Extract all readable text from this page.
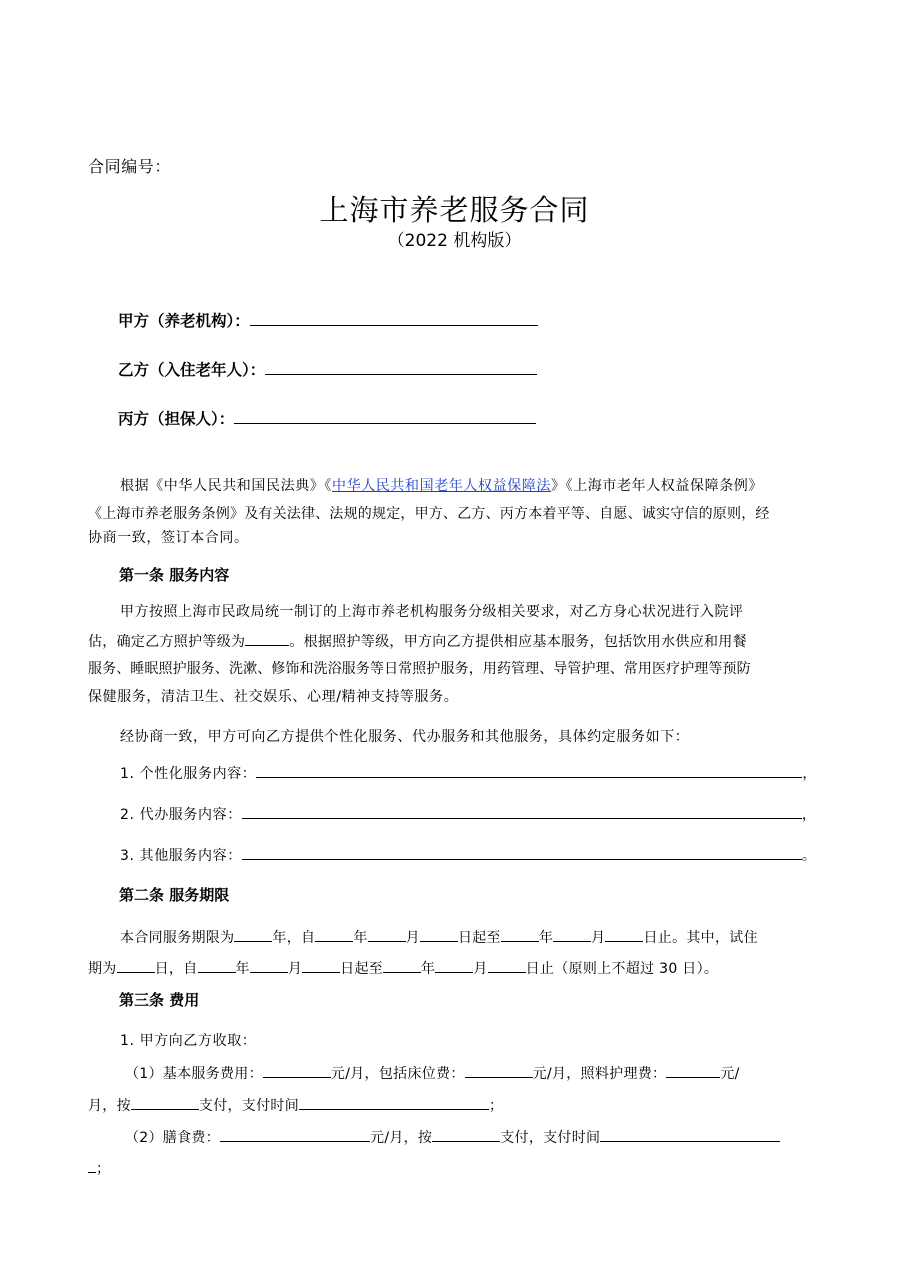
合同编号：
上海市养老服务合同
（2022 机构版）
甲方（养老机构）：
乙方（入住老年人）：
丙方（担保人）：
根据《中华人民共和国民法典》《中华人民共和国老年人权益保障法》《上海市老年人权益保障条例》
《上海市养老服务条例》及有关法律、法规的规定，甲方、乙方、丙方本着平等、自愿、诚实守信的原则，经
协商一致，签订本合同。
第一条 服务内容
甲方按照上海市民政局统一制订的上海市养老机构服务分级相关要求，对乙方身心状况进行入院评
估，确定乙方照护等级为	。根据照护等级，甲方向乙方提供相应基本服务，包括饮用水供应和用餐
服务、睡眠照护服务、洗漱、修饰和洗浴服务等日常照护服务，用药管理、导管护理、常用医疗护理等预防
保健服务，清洁卫生、社交娱乐、心理/精神支持等服务。
经协商一致，甲方可向乙方提供个性化服务、代办服务和其他服务，具体约定服务如下：
1. 个性化服务内容：	，
2. 代办服务内容：	，
3. 其他服务内容：	。
第二条 服务期限
本合同服务期限为	年，自	年	月	日起至	年	月	日止。其中，试住
期为	日，自	年	月	日起至	年	月	日止（原则上不超过 30 日）。
第三条 费用
1. 甲方向乙方收取：
（1）基本服务费用：	元/月，包括床位费：	元/月，照料护理费：	元/
月，按	支付，支付时间	；
（2）膳食费：	元/月，按	支付，支付时间
；
